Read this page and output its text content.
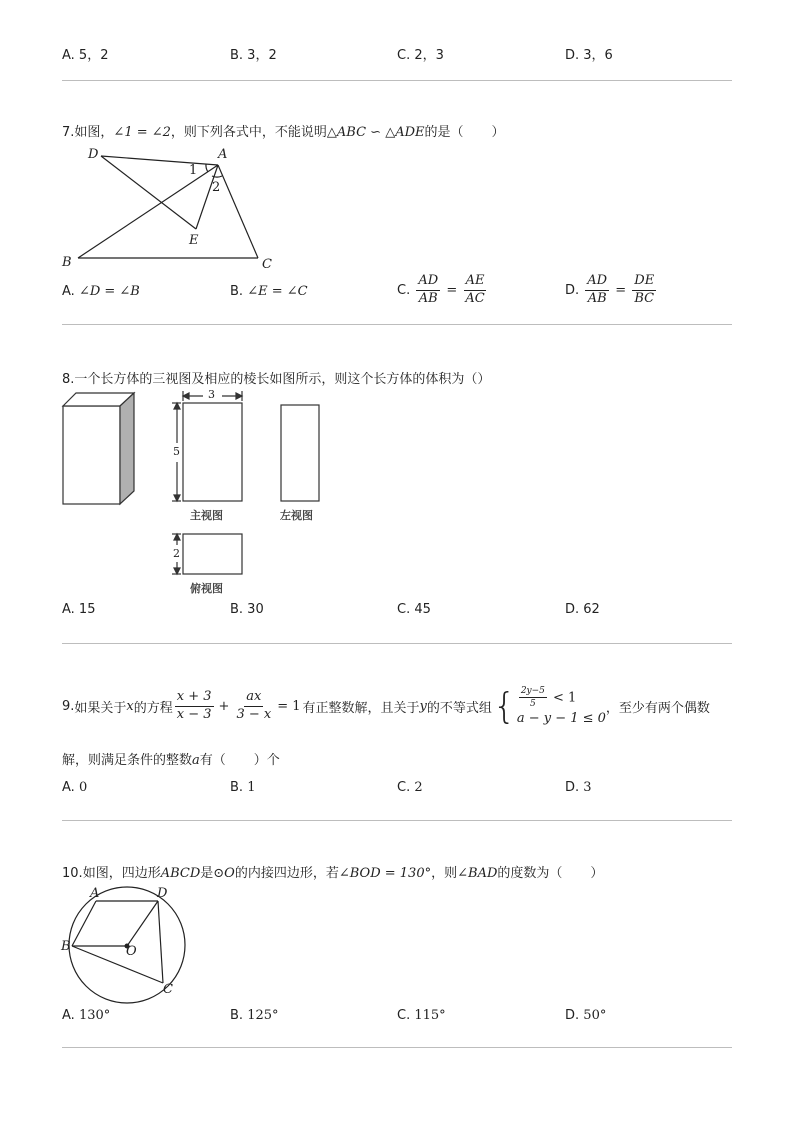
A. 5，2	B. 3，2	C. 2，3	D. 3，6
7.如图，∠1 = ∠2，则下列各式中，不能说明△ABC ∽ △ADE的是（ ）
D	A
1
2
E
B	C
A. ∠D = ∠B	B. ∠E = ∠C	C. $\frac{AD}{AB} = \frac{AE}{AC}$	D. $\frac{AD}{AB} = \frac{DE}{BC}$
8.一个长方体的三视图及相应的棱长如图所示，则这个长方体的体积为（）
3
5
2
主视图	左视图
俯视图
A. 15	B. 30	C. 45	D. 62
9. 如果关于 x 的方程 $\frac{x + 3}{x - 3} + \frac{ax}{3 - x} = 1$ 有正整数解，且关于 y 的不等式组 { $\frac{2y-5}{5} < 1$
a − y − 1 ≤ 0
，至少有两个偶数
解，则满足条件的整数a有（ ）个
A. 0	B. 1	C. 2	D. 3
10.如图，四边形ABCD是⊙O的内接四边形，若∠BOD = 130°，则∠BAD的度数为（ ）
A	D
B	O
C
A. 130°	B. 125°	C. 115°	D. 50°
